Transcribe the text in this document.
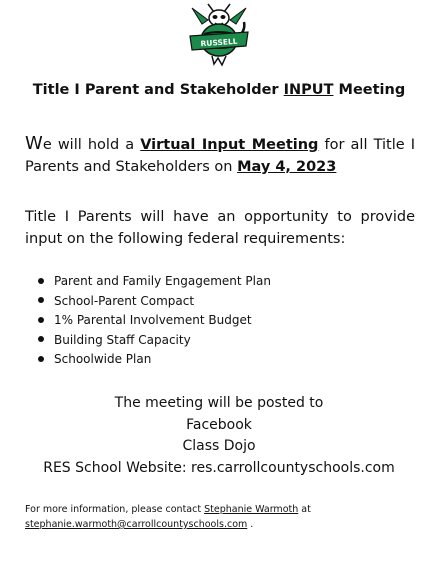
RUSSELL
Title I Parent and Stakeholder INPUT Meeting
We will hold a Virtual Input Meeting for all Title I Parents and Stakeholders on May 4, 2023
Title I Parents will have an opportunity to provide input on the following federal requirements:
Parent and Family Engagement Plan
School-Parent Compact
1% Parental Involvement Budget
Building Staff Capacity
Schoolwide Plan
The meeting will be posted to
Facebook
Class Dojo
RES School Website: res.carrollcountyschools.com
For more information, please contact Stephanie Warmoth at
stephanie.warmoth@carrollcountyschools.com .
